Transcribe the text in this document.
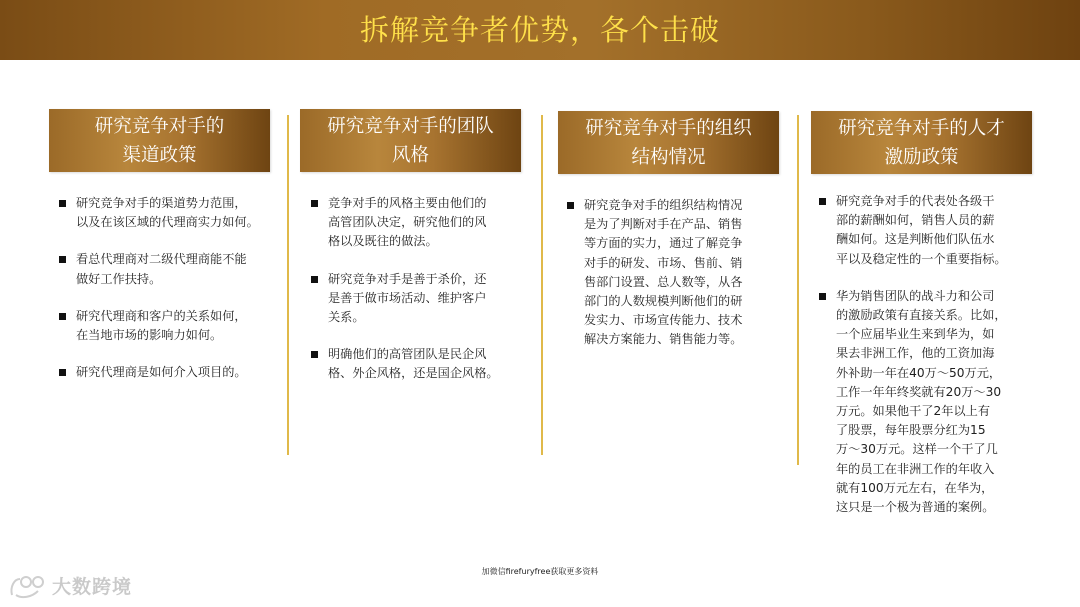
拆解竞争者优势，各个击破
研究竞争对手的
渠道政策
研究竞争对手的团队
风格
研究竞争对手的组织
结构情况
研究竞争对手的人才
激励政策
研究竞争对手的渠道势力范围，
以及在该区域的代理商实力如何。
看总代理商对二级代理商能不能
做好工作扶持。
研究代理商和客户的关系如何，
在当地市场的影响力如何。
研究代理商是如何介入项目的。
竞争对手的风格主要由他们的
高管团队决定，研究他们的风
格以及既往的做法。
研究竞争对手是善于杀价，还
是善于做市场活动、维护客户
关系。
明确他们的高管团队是民企风
格、外企风格，还是国企风格。
研究竞争对手的组织结构情况
是为了判断对手在产品、销售
等方面的实力，通过了解竞争
对手的研发、市场、售前、销
售部门设置、总人数等，从各
部门的人数规模判断他们的研
发实力、市场宣传能力、技术
解决方案能力、销售能力等。
研究竞争对手的代表处各级干
部的薪酬如何，销售人员的薪
酬如何。这是判断他们队伍水
平以及稳定性的一个重要指标。
华为销售团队的战斗力和公司
的激励政策有直接关系。比如，
一个应届毕业生来到华为，如
果去非洲工作，他的工资加海
外补助一年在40万～50万元，
工作一年年终奖就有20万～30
万元。如果他干了2年以上有
了股票，每年股票分红为15
万～30万元。这样一个干了几
年的员工在非洲工作的年收入
就有100万元左右，在华为，
这只是一个极为普通的案例。
加微信firefuryfree获取更多资料
大数跨境
